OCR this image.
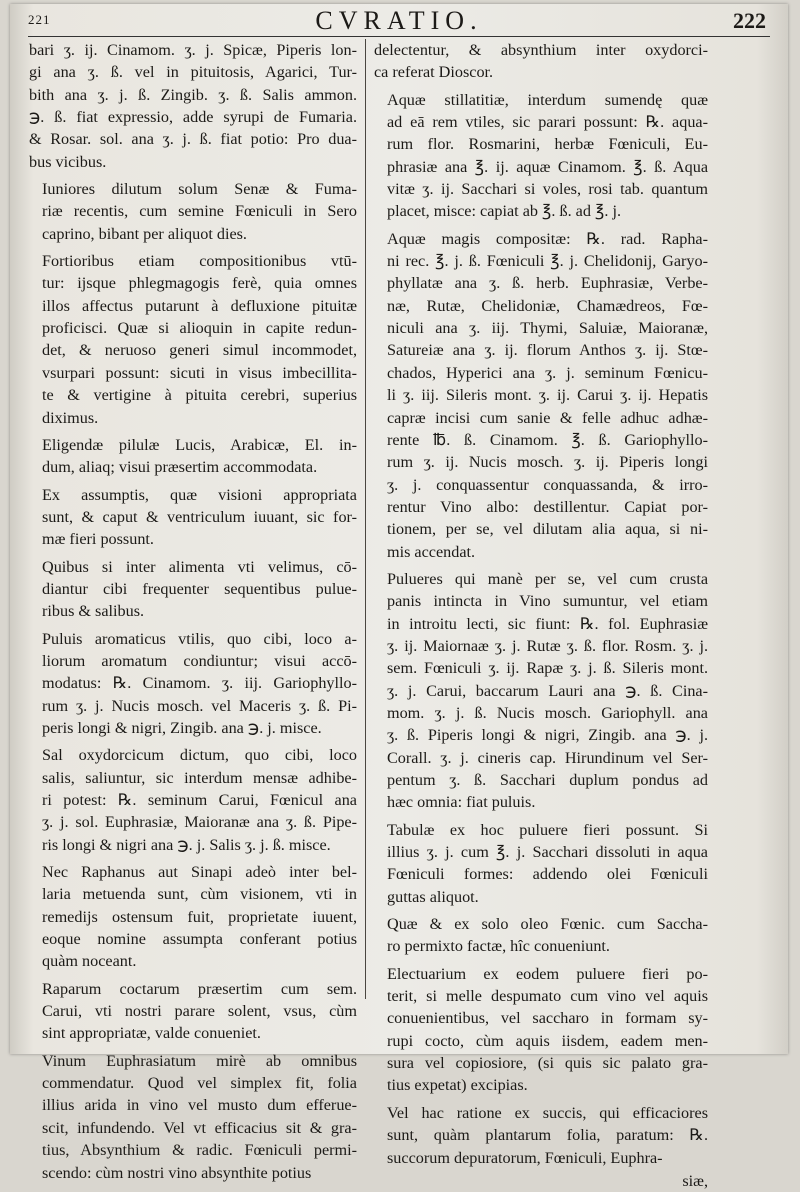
221	CVRATIO.	222

bari ʒ. ij. Cinamom. ʒ. j. Spicæ, Piperis lon-
gi ana ʒ. ß. vel in pituitosis, Agarici, Tur-
bith ana ʒ. j. ß. Zingib. ʒ. ß. Salis ammon.
℈. ß. fiat expressio, adde syrupi de Fumaria.
& Rosar. sol. ana ʒ. j. ß. fiat potio: Pro dua-
bus vicibus.

Iuniores dilutum solum Senæ & Fuma-
riæ recentis, cum semine Fœniculi in Sero
caprino, bibant per aliquot dies.

Fortioribus etiam compositionibus vtū-
tur: ijsque phlegmagogis ferè, quia omnes
illos affectus putarunt à defluxione pituitæ
proficisci. Quæ si alioquin in capite redun-
det, & neruoso generi simul incommodet,
vsurpari possunt: sicuti in visus imbecillita-
te & vertigine à pituita cerebri, superius
diximus.

Eligendæ pilulæ Lucis, Arabicæ, El. in-
dum, aliaq; visui præsertim accommodata.

Ex assumptis, quæ visioni appropriata
sunt, & caput & ventriculum iuuant, sic for-
mæ fieri possunt.

Quibus si inter alimenta vti velimus, cō-
diantur cibi frequenter sequentibus pulue-
ribus & salibus.

Puluis aromaticus vtilis, quo cibi, loco a-
liorum aromatum condiuntur; visui accō-
modatus: ℞. Cinamom. ʒ. iij. Gariophyllo-
rum ʒ. j. Nucis mosch. vel Maceris ʒ. ß. Pi-
peris longi & nigri, Zingib. ana ℈. j. misce.

Sal oxydorcicum dictum, quo cibi, loco
salis, saliuntur, sic interdum mensæ adhibe-
ri potest: ℞. seminum Carui, Fœnicul ana
ʒ. j. sol. Euphrasiæ, Maioranæ ana ʒ. ß. Pipe-
ris longi & nigri ana ℈. j. Salis ʒ. j. ß. misce.

Nec Raphanus aut Sinapi adeò inter bel-
laria metuenda sunt, cùm visionem, vti in
remedijs ostensum fuit, proprietate iuuent,
eoque nomine assumpta conferant potius
quàm noceant.

Raparum coctarum præsertim cum sem.
Carui, vti nostri parare solent, vsus, cùm
sint appropriatæ, valde conueniet.

Vinum Euphrasiatum mirè ab omnibus
commendatur. Quod vel simplex fit, folia
illius arida in vino vel musto dum efferue-
scit, infundendo. Vel vt efficacius sit & gra-
tius, Absynthium & radic. Fœniculi permi-
scendo: cùm nostri vino absynthite potius

delectentur, & absynthium inter oxydorci-
ca referat Dioscor.

Aquæ stillatitiæ, interdum sumendę quæ
ad eā rem vtiles, sic parari possunt: ℞. aqua-
rum flor. Rosmarini, herbæ Fœniculi, Eu-
phrasiæ ana ℥. ij. aquæ Cinamom. ℥. ß. Aqua
vitæ ʒ. ij. Sacchari si voles, rosi tab. quantum
placet, misce: capiat ab ℥. ß. ad ℥. j.

Aquæ magis compositæ: ℞. rad. Rapha-
ni rec. ℥. j. ß. Fœniculi ℥. j. Chelidonij, Garyo-
phyllatæ ana ʒ. ß. herb. Euphrasiæ, Verbe-
næ, Rutæ, Chelidoniæ, Chamædreos, Fœ-
niculi ana ʒ. iij. Thymi, Saluiæ, Maioranæ,
Satureiæ ana ʒ. ij. florum Anthos ʒ. ij. Stœ-
chados, Hyperici ana ʒ. j. seminum Fœnicu-
li ʒ. iij. Sileris mont. ʒ. ij. Carui ʒ. ij. Hepatis
capræ incisi cum sanie & felle adhuc adhæ-
rente ℔. ß. Cinamom. ℥. ß. Gariophyllo-
rum ʒ. ij. Nucis mosch. ʒ. ij. Piperis longi
ʒ. j. conquassentur conquassanda, & irro-
rentur Vino albo: destillentur. Capiat por-
tionem, per se, vel dilutam alia aqua, si ni-
mis accendat.

Pulueres qui manè per se, vel cum crusta
panis intincta in Vino sumuntur, vel etiam
in introitu lecti, sic fiunt: ℞. fol. Euphrasiæ
ʒ. ij. Maiornaæ ʒ. j. Rutæ ʒ. ß. flor. Rosm. ʒ. j.
sem. Fœniculi ʒ. ij. Rapæ ʒ. j. ß. Sileris mont.
ʒ. j. Carui, baccarum Lauri ana ℈. ß. Cina-
mom. ʒ. j. ß. Nucis mosch. Gariophyll. ana
ʒ. ß. Piperis longi & nigri, Zingib. ana ℈. j.
Corall. ʒ. j. cineris cap. Hirundinum vel Ser-
pentum ʒ. ß. Sacchari duplum pondus ad
hæc omnia: fiat puluis.

Tabulæ ex hoc puluere fieri possunt. Si
illius ʒ. j. cum ℥. j. Sacchari dissoluti in aqua
Fœniculi formes: addendo olei Fœniculi
guttas aliquot.

Quæ & ex solo oleo Fœnic. cum Saccha-
ro permixto factæ, hîc conueniunt.

Electuarium ex eodem puluere fieri po-
terit, si melle despumato cum vino vel aquis
conuenientibus, vel saccharo in formam sy-
rupi cocto, cùm aquis iisdem, eadem men-
sura vel copiosiore, (si quis sic palato gra-
tius expetat) excipias.

Vel hac ratione ex succis, qui efficaciores
sunt, quàm plantarum folia, paratum: ℞.
succorum depuratorum, Fœniculi, Euphra-

siæ,
